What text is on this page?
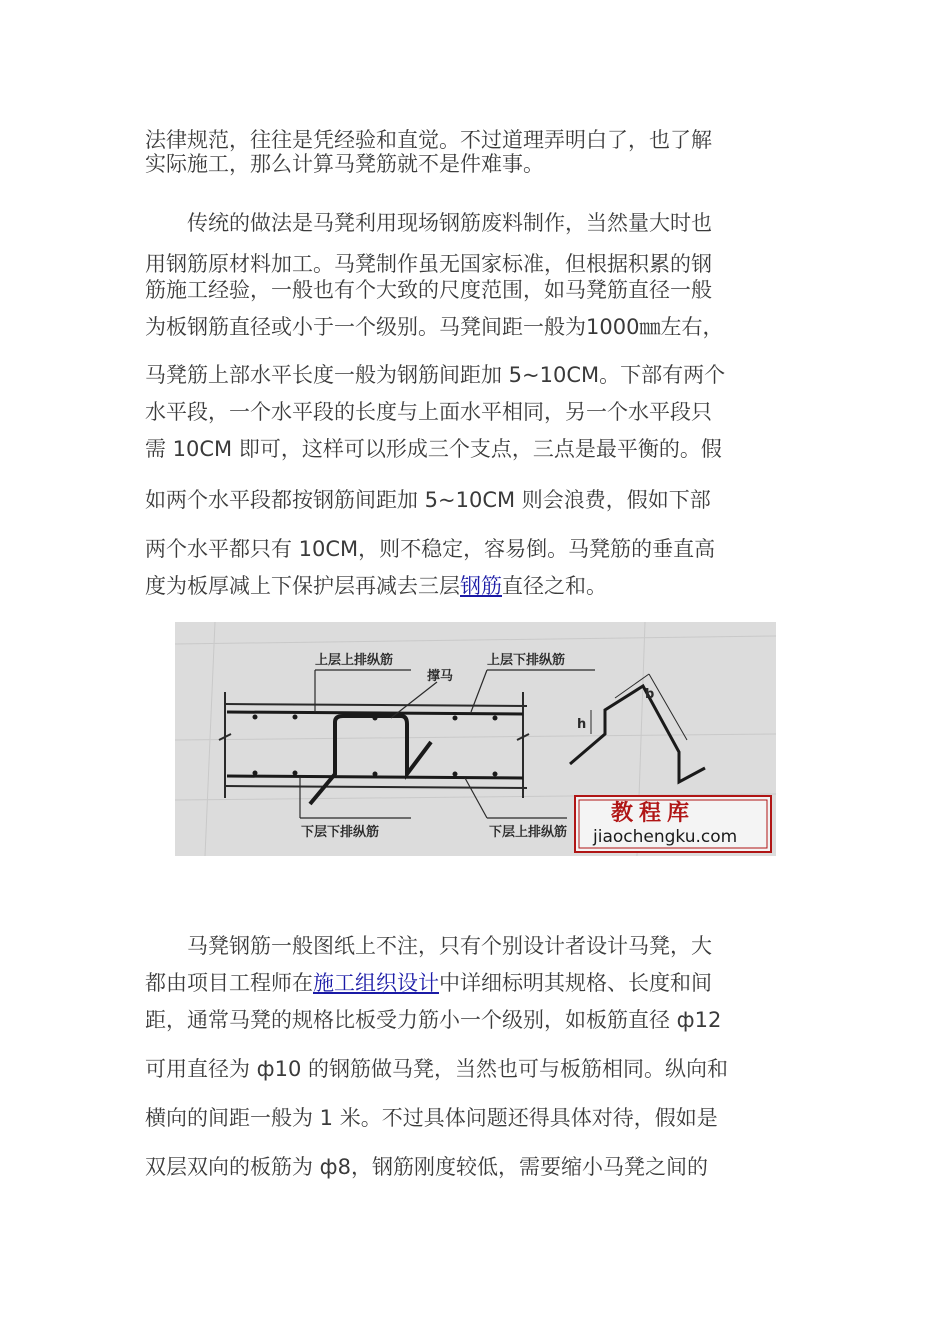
法律规范，往往是凭经验和直觉。不过道理弄明白了，也了解
实际施工，那么计算马凳筋就不是件难事。
　　传统的做法是马凳利用现场钢筋废料制作，当然量大时也
用钢筋原材料加工。马凳制作虽无国家标准，但根据积累的钢
筋施工经验，一般也有个大致的尺度范围，如马凳筋直径一般
为板钢筋直径或小于一个级别。马凳间距一般为1000㎜左右，
马凳筋上部水平长度一般为钢筋间距加 5~10CM。下部有两个
水平段，一个水平段的长度与上面水平相同，另一个水平段只
需 10CM 即可，这样可以形成三个支点，三点是最平衡的。假
如两个水平段都按钢筋间距加 5~10CM 则会浪费，假如下部
两个水平都只有 10CM，则不稳定，容易倒。马凳筋的垂直高
度为板厚减上下保护层再减去三层钢筋直径之和。
　　马凳钢筋一般图纸上不注，只有个别设计者设计马凳，大
都由项目工程师在施工组织设计中详细标明其规格、长度和间
距，通常马凳的规格比板受力筋小一个级别，如板筋直径 ф12
可用直径为 ф10 的钢筋做马凳，当然也可与板筋相同。纵向和
横向的间距一般为 1 米。不过具体问题还得具体对待，假如是
双层双向的板筋为 ф8，钢筋刚度较低，需要缩小马凳之间的
上层上排纵筋
撑马
上层下排纵筋
下层下排纵筋	下层上排纵筋
b
h
教程库
jiaochengku.com
